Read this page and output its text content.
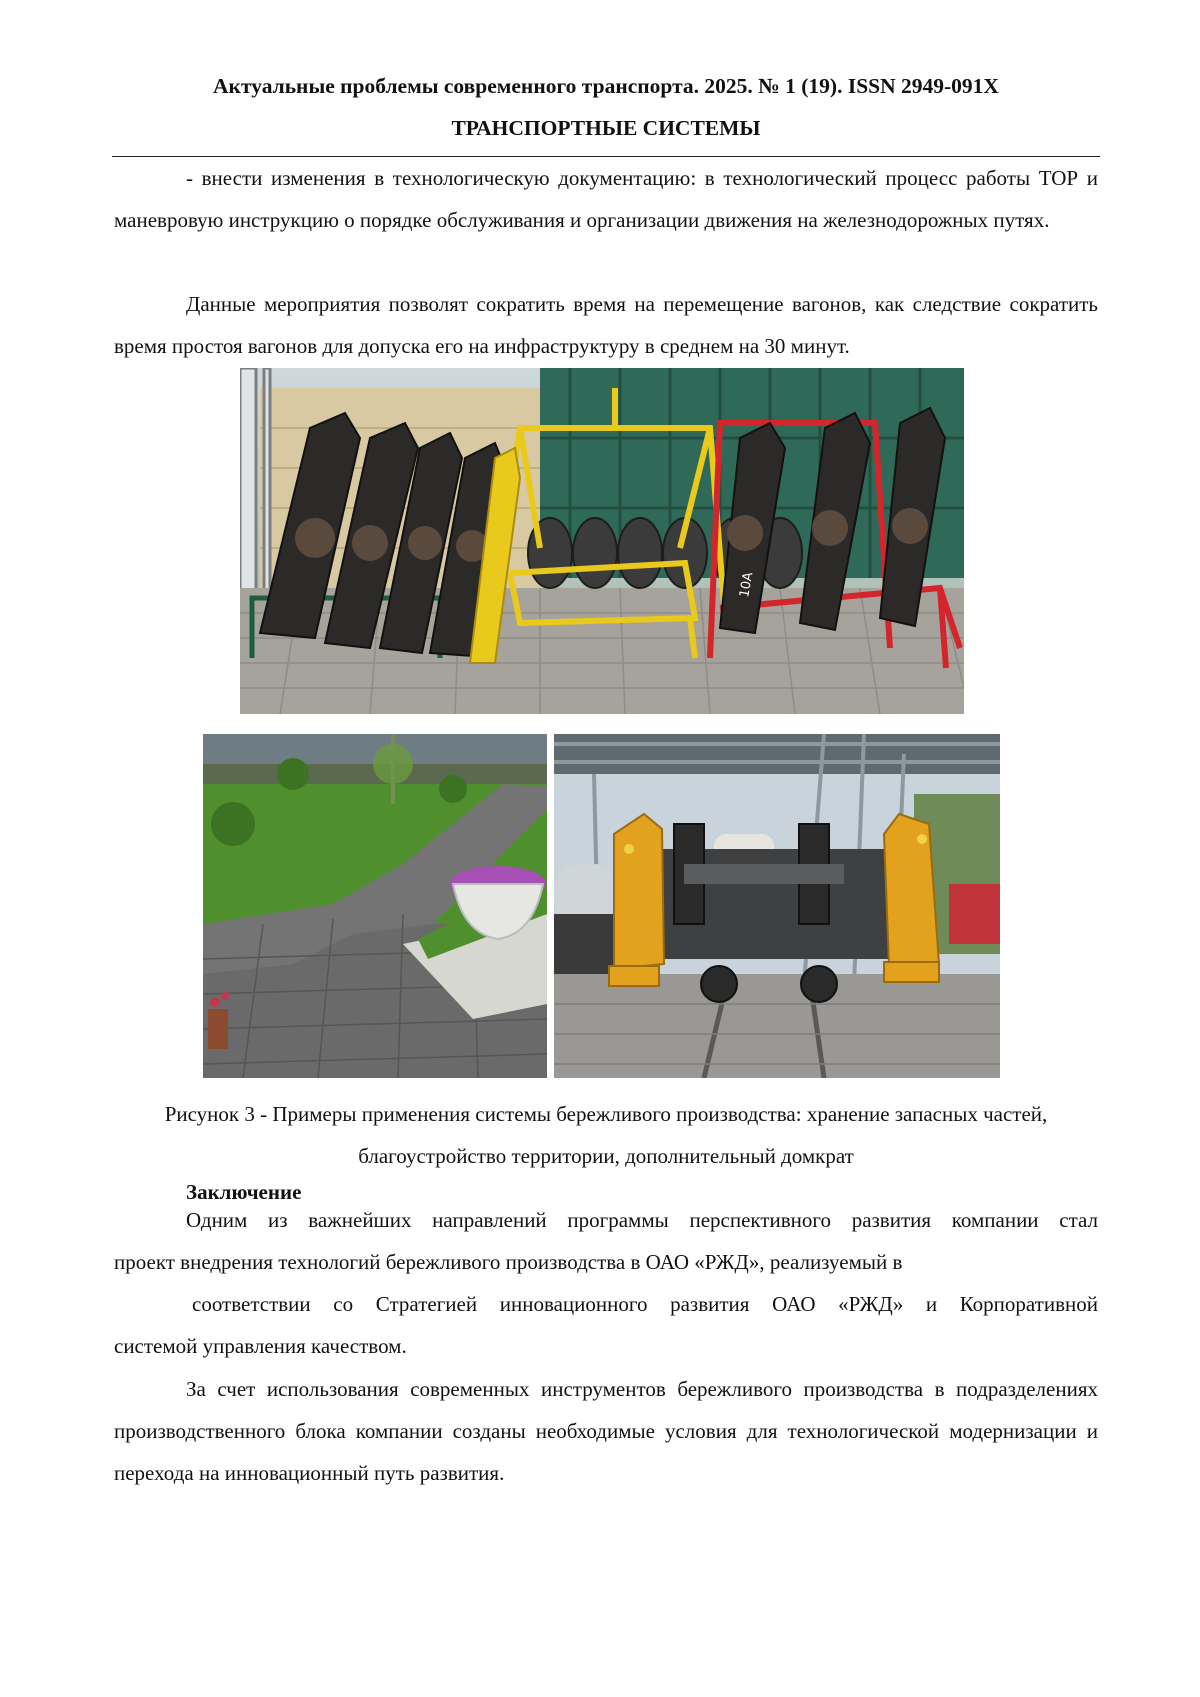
Актуальные проблемы современного транспорта. 2025. № 1 (19). ISSN 2949-091X
ТРАНСПОРТНЫЕ СИСТЕМЫ
- внести изменения в технологическую документацию: в технологический процесс работы ТОР и маневровую инструкцию о порядке обслуживания и организации движения на железнодорожных путях.
Данные мероприятия позволят сократить время на перемещение вагонов, как следствие сократить время простоя вагонов для допуска его на инфраструктуру в среднем на 30 минут.
10А
Рисунок 3 - Примеры применения системы бережливого производства: хранение запасных частей, благоустройство территории, дополнительный домкрат
Заключение
Одним из важнейших направлений программы перспективного развития компании стал
проект внедрения технологий бережливого производства в ОАО «РЖД», реализуемый в
соответствии со Стратегией инновационного развития ОАО «РЖД» и Корпоративной
системой управления качеством.
За счет использования современных инструментов бережливого производства в подразделениях производственного блока компании созданы необходимые условия для технологической модернизации и перехода на инновационный путь развития.
